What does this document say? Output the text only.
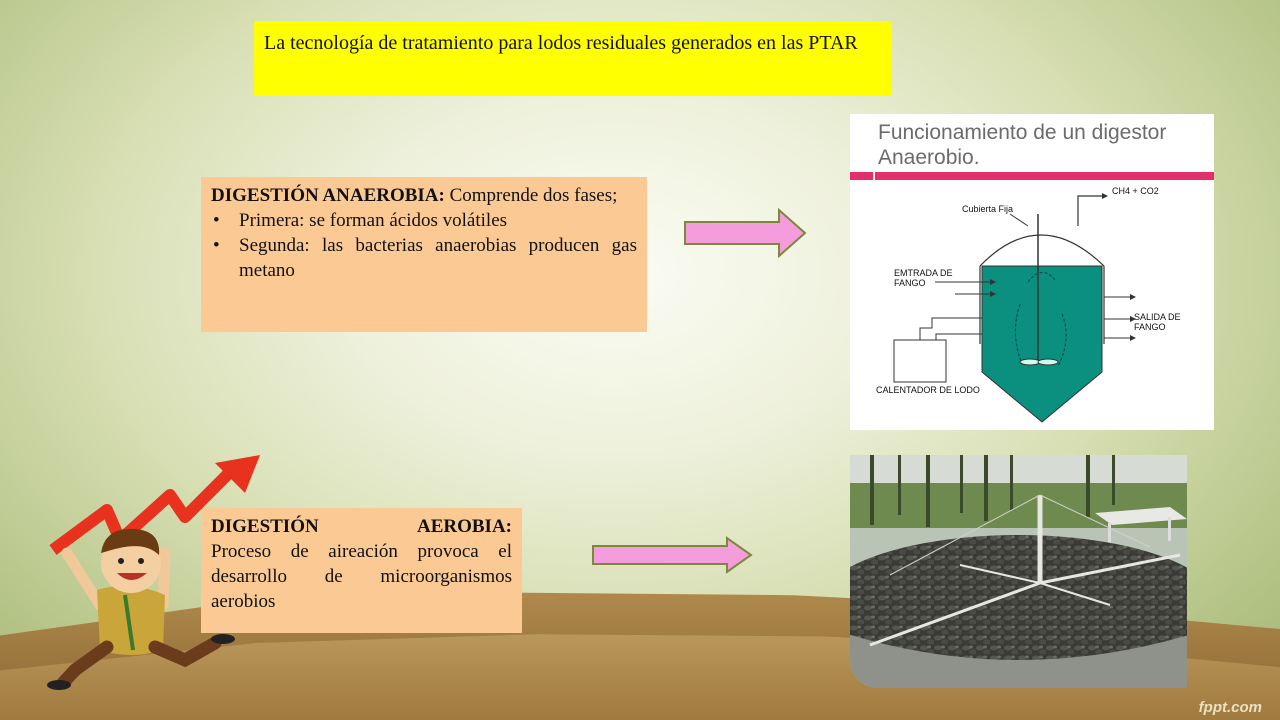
La tecnología de tratamiento para lodos residuales generados en las PTAR
DIGESTIÓN ANAEROBIA: Comprende dos fases;
• Primera: se forman ácidos volátiles
• Segunda: las bacterias anaerobias producen gas metano
DIGESTIÓN AEROBIA: Proceso de aireación provoca el desarrollo de microorganismos aerobios
Funcionamiento de un digestor
Anaerobio.
CH4 + CO2
Cubierta Fija
EMTRADA DE
FANGO
SALIDA DE
FANGO
CALENTADOR DE LODO
fppt.com
